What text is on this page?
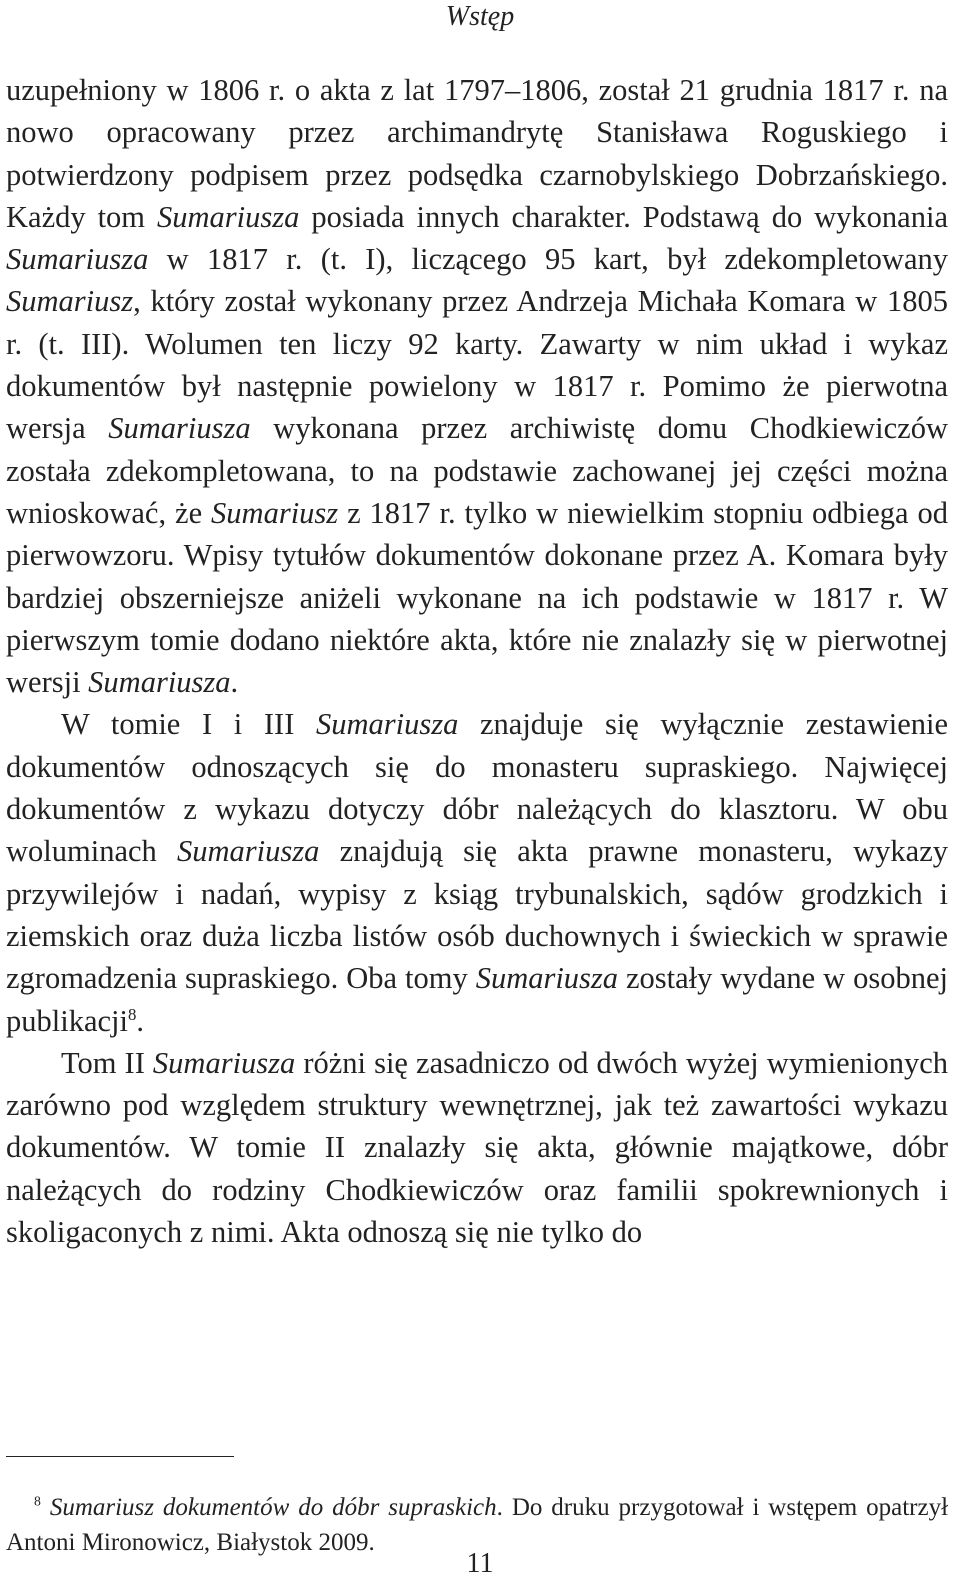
Wstęp

uzupełniony w 1806 r. o akta z lat 1797–1806, został 21 grudnia 1817 r. na nowo opracowany przez archimandrytę Stanisława Roguskiego i potwierdzony podpisem przez podsędka czarnobylskiego Dobrzańskiego. Każdy tom Sumariusza posiada innych charakter. Podstawą do wykonania Sumariusza w 1817 r. (t. I), liczącego 95 kart, był zdekompletowany Sumariusz, który został wykonany przez Andrzeja Michała Komara w 1805 r. (t. III). Wolumen ten liczy 92 karty. Zawarty w nim układ i wykaz dokumentów był następnie powielony w 1817 r. Pomimo że pierwotna wersja Sumariusza wykonana przez archiwistę domu Chodkiewiczów została zdekompletowana, to na podstawie zachowanej jej części można wnioskować, że Sumariusz z 1817 r. tylko w niewielkim stopniu odbiega od pierwowzoru. Wpisy tytułów dokumentów dokonane przez A. Komara były bardziej obszerniejsze aniżeli wykonane na ich podstawie w 1817 r. W pierwszym tomie dodano niektóre akta, które nie znalazły się w pierwotnej wersji Sumariusza.

W tomie I i III Sumariusza znajduje się wyłącznie zestawienie dokumentów odnoszących się do monasteru supraskiego. Najwięcej dokumentów z wykazu dotyczy dóbr należących do klasztoru. W obu woluminach Sumariusza znajdują się akta prawne monasteru, wykazy przywilejów i nadań, wypisy z ksiąg trybunalskich, sądów grodzkich i ziemskich oraz duża liczba listów osób duchownych i świeckich w sprawie zgromadzenia supraskiego. Oba tomy Sumariusza zostały wydane w osobnej publikacji$^8$.

Tom II Sumariusza różni się zasadniczo od dwóch wyżej wymienionych zarówno pod względem struktury wewnętrznej, jak też zawartości wykazu dokumentów. W tomie II znalazły się akta, głównie majątkowe, dóbr należących do rodziny Chodkiewiczów oraz familii spokrewnionych i skoligaconych z nimi. Akta odnoszą się nie tylko do

$^8$ Sumariusz dokumentów do dóbr supraskich. Do druku przygotował i wstępem opatrzył Antoni Mironowicz, Białystok 2009.
11
